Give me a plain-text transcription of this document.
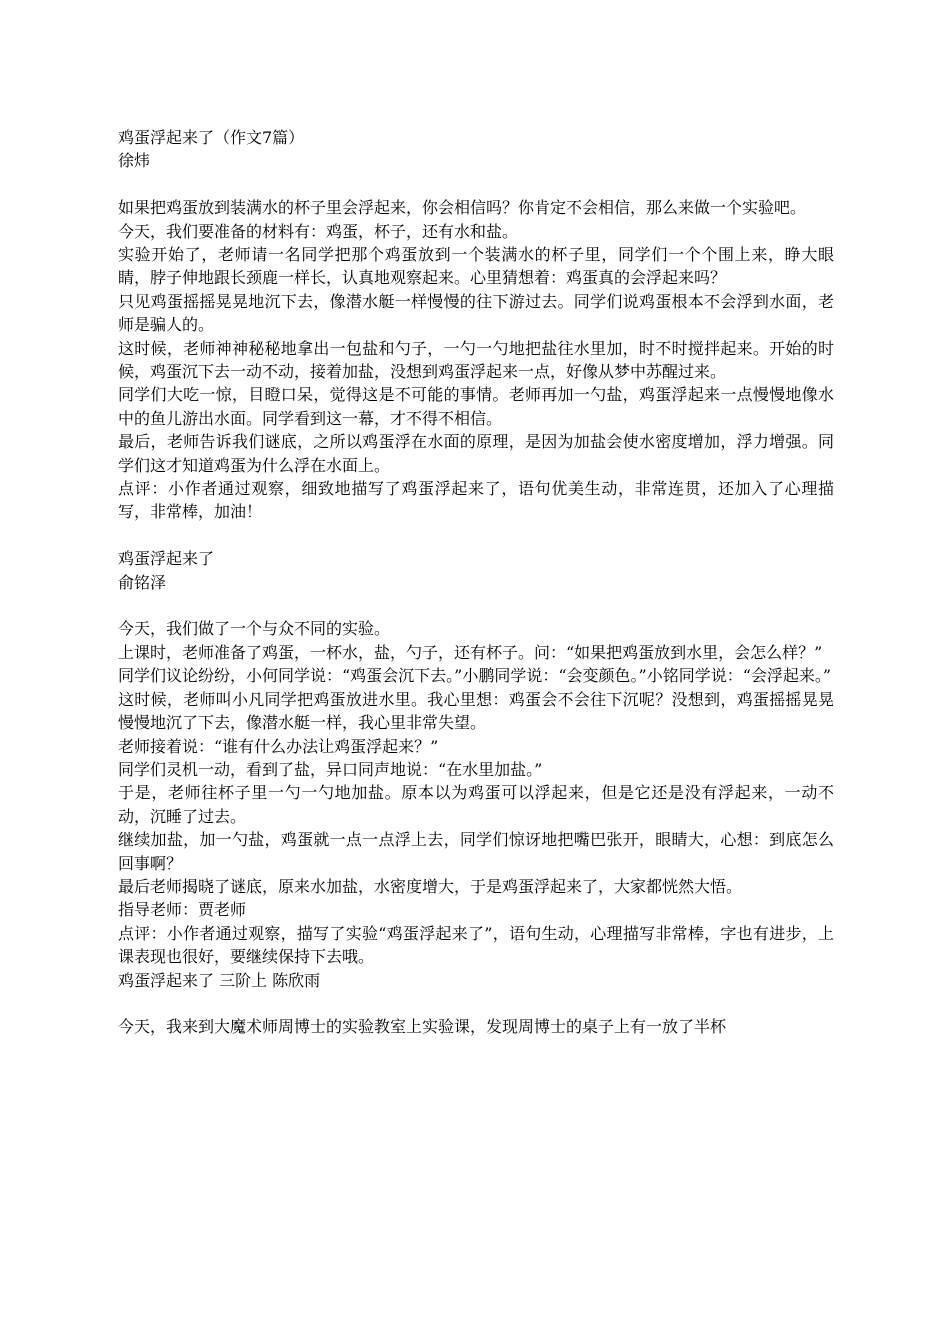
鸡蛋浮起来了（作文7篇）
徐炜
如果把鸡蛋放到装满水的杯子里会浮起来，你会相信吗？你肯定不会相信，那么来做一个实验吧。
今天，我们要准备的材料有：鸡蛋，杯子，还有水和盐。
实验开始了，老师请一名同学把那个鸡蛋放到一个装满水的杯子里，同学们一个个围上来，睁大眼睛，脖子伸地跟长颈鹿一样长，认真地观察起来。心里猜想着：鸡蛋真的会浮起来吗？
只见鸡蛋摇摇晃晃地沉下去，像潜水艇一样慢慢的往下游过去。同学们说鸡蛋根本不会浮到水面，老师是骗人的。
这时候，老师神神秘秘地拿出一包盐和勺子，一勺一勺地把盐往水里加，时不时搅拌起来。开始的时候，鸡蛋沉下去一动不动，接着加盐，没想到鸡蛋浮起来一点，好像从梦中苏醒过来。
同学们大吃一惊，目瞪口呆，觉得这是不可能的事情。老师再加一勺盐，鸡蛋浮起来一点慢慢地像水中的鱼儿游出水面。同学看到这一幕，才不得不相信。
最后，老师告诉我们谜底，之所以鸡蛋浮在水面的原理，是因为加盐会使水密度增加，浮力增强。同学们这才知道鸡蛋为什么浮在水面上。
点评：小作者通过观察，细致地描写了鸡蛋浮起来了，语句优美生动，非常连贯，还加入了心理描写，非常棒，加油！
鸡蛋浮起来了
俞铭泽
今天，我们做了一个与众不同的实验。
上课时，老师准备了鸡蛋，一杯水，盐，勺子，还有杯子。问：“如果把鸡蛋放到水里，会怎么样？”
同学们议论纷纷，小何同学说：“鸡蛋会沉下去。”小鹏同学说：“会变颜色。”小铭同学说：“会浮起来。”
这时候，老师叫小凡同学把鸡蛋放进水里。我心里想：鸡蛋会不会往下沉呢？没想到，鸡蛋摇摇晃晃慢慢地沉了下去，像潜水艇一样，我心里非常失望。
老师接着说：“谁有什么办法让鸡蛋浮起来？”
同学们灵机一动，看到了盐，异口同声地说：“在水里加盐。”
于是，老师往杯子里一勺一勺地加盐。原本以为鸡蛋可以浮起来，但是它还是没有浮起来，一动不动，沉睡了过去。
继续加盐，加一勺盐，鸡蛋就一点一点浮上去，同学们惊讶地把嘴巴张开，眼睛大，心想：到底怎么回事啊？
最后老师揭晓了谜底，原来水加盐，水密度增大，于是鸡蛋浮起来了，大家都恍然大悟。
指导老师：贾老师
点评：小作者通过观察，描写了实验“鸡蛋浮起来了”，语句生动，心理描写非常棒，字也有进步，上课表现也很好，要继续保持下去哦。
鸡蛋浮起来了 三阶上 陈欣雨
今天，我来到大魔术师周博士的实验教室上实验课，发现周博士的桌子上有一放了半杯
